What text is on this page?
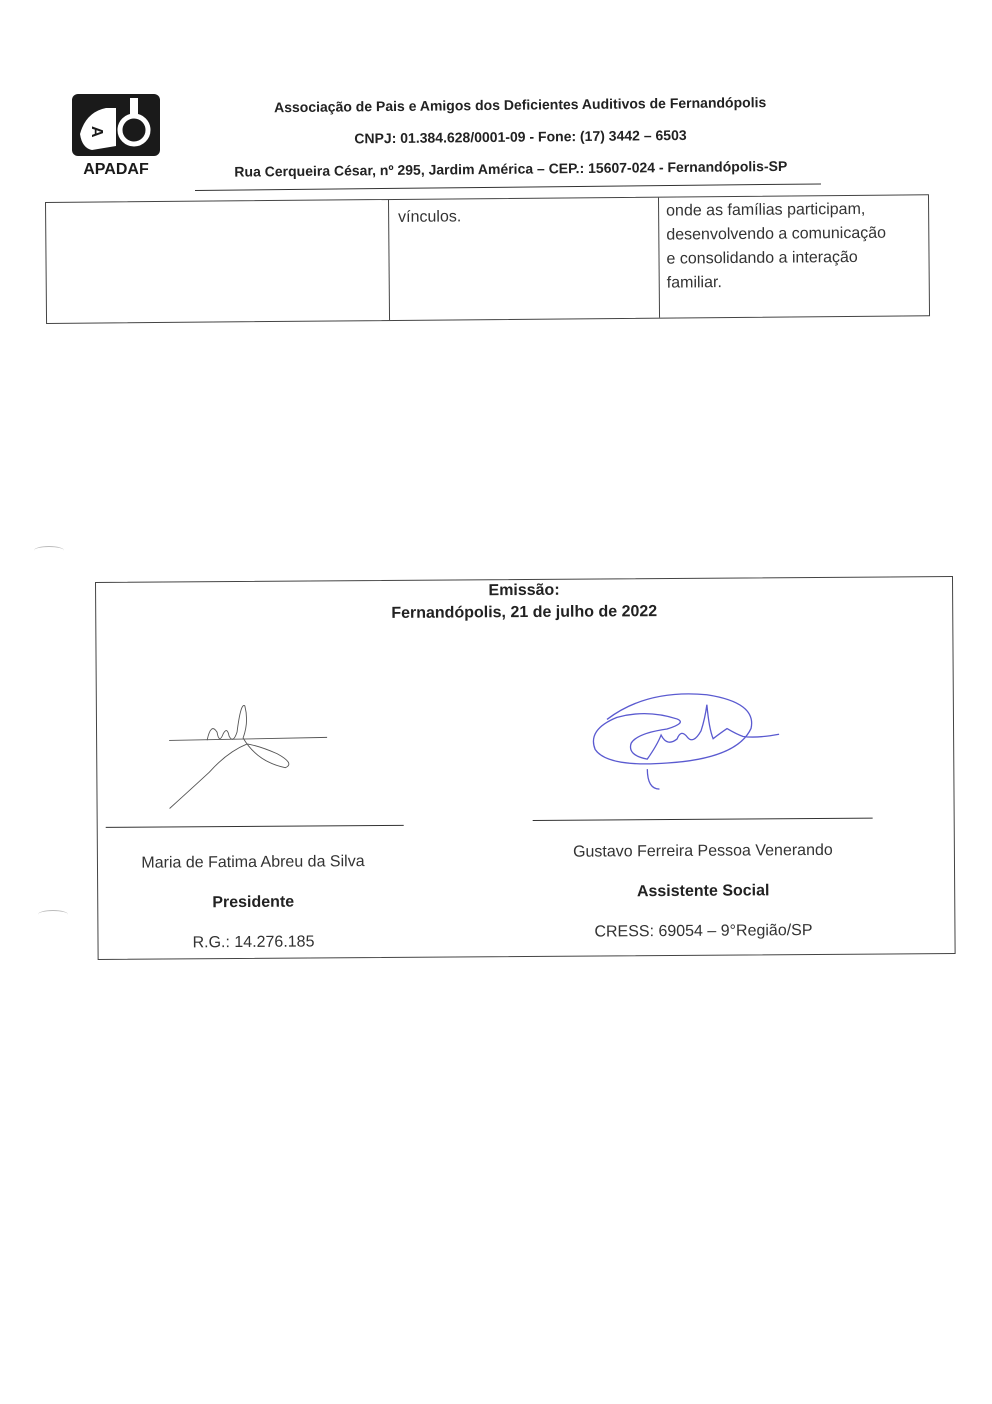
A
APADAF
Associação de Pais e Amigos dos Deficientes Auditivos de Fernandópolis
CNPJ: 01.384.628/0001-09 - Fone: (17) 3442 – 6503
Rua Cerqueira César, nº 295, Jardim América – CEP.: 15607-024 - Fernandópolis-SP
vínculos.	onde as famílias participam,
desenvolvendo a comunicação
e consolidando a interação
familiar.
Emissão:
Fernandópolis, 21 de julho de 2022
Maria de Fatima Abreu da Silva
Presidente
R.G.: 14.276.185
Gustavo Ferreira Pessoa Venerando
Assistente Social
CRESS: 69054 – 9°Região/SP
